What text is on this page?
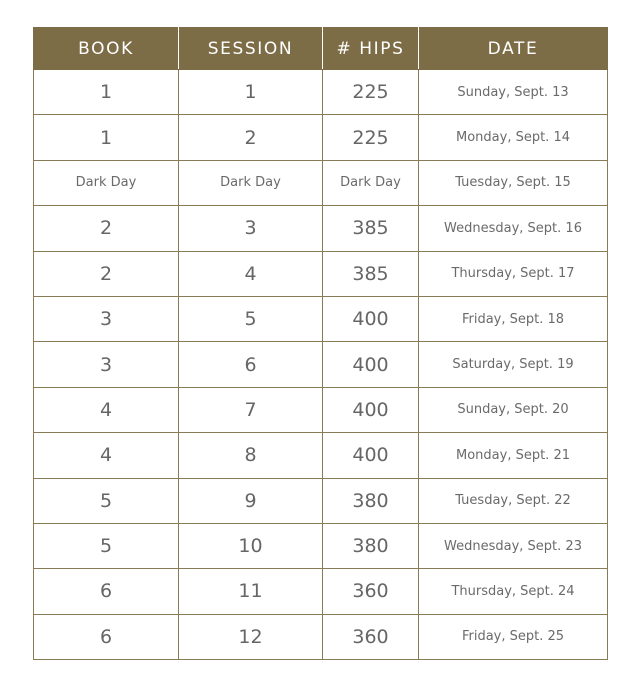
BOOK	SESSION	# HIPS	DATE
1	1	225	Sunday, Sept. 13
1	2	225	Monday, Sept. 14
Dark Day	Dark Day	Dark Day	Tuesday, Sept. 15
2	3	385	Wednesday, Sept. 16
2	4	385	Thursday, Sept. 17
3	5	400	Friday, Sept. 18
3	6	400	Saturday, Sept. 19
4	7	400	Sunday, Sept. 20
4	8	400	Monday, Sept. 21
5	9	380	Tuesday, Sept. 22
5	10	380	Wednesday, Sept. 23
6	11	360	Thursday, Sept. 24
6	12	360	Friday, Sept. 25
